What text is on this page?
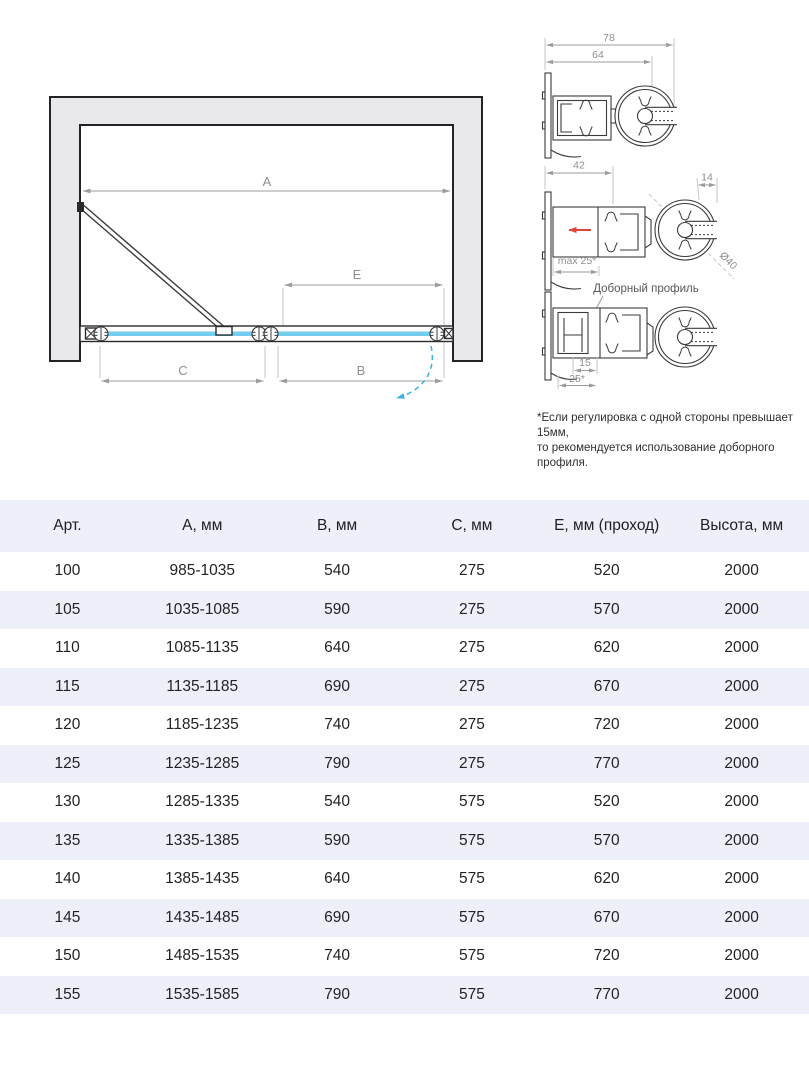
A
E
C	B
78
64
42
14
max 25*	Ø40
Доборный профиль
15
25*
*Если регулировка с одной стороны превышает 15мм,
то рекомендуется использование доборного профиля.
Арт.	А, мм	В, мм	С, мм	Е, мм (проход)	Высота, мм
100	985-1035	540	275	520	2000
105	1035-1085	590	275	570	2000
110	1085-1135	640	275	620	2000
115	1135-1185	690	275	670	2000
120	1185-1235	740	275	720	2000
125	1235-1285	790	275	770	2000
130	1285-1335	540	575	520	2000
135	1335-1385	590	575	570	2000
140	1385-1435	640	575	620	2000
145	1435-1485	690	575	670	2000
150	1485-1535	740	575	720	2000
155	1535-1585	790	575	770	2000
